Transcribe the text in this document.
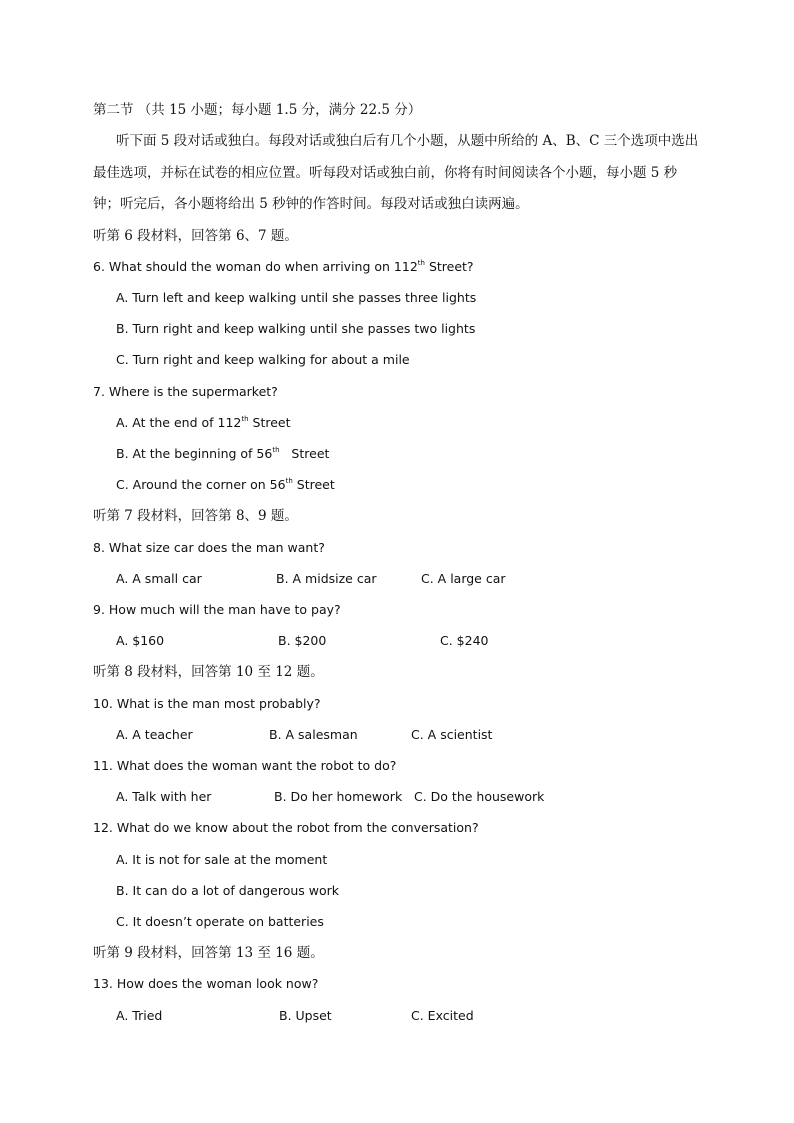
第二节 （共 15 小题；每小题 1.5 分，满分 22.5 分）
听下面 5 段对话或独白。每段对话或独白后有几个小题，从题中所给的 A、B、C 三个选项中选出
最佳选项，并标在试卷的相应位置。听每段对话或独白前，你将有时间阅读各个小题，每小题 5 秒
钟；听完后，各小题将给出 5 秒钟的作答时间。每段对话或独白读两遍。
听第 6 段材料，回答第 6、7 题。
6. What should the woman do when arriving on 112th Street?
A. Turn left and keep walking until she passes three lights
B. Turn right and keep walking until she passes two lights
C. Turn right and keep walking for about a mile
7. Where is the supermarket?
A. At the end of 112th Street
B. At the beginning of 56th   Street
C. Around the corner on 56th Street
听第 7 段材料，回答第 8、9 题。
8. What size car does the man want?
A. A small car	B. A midsize car	C. A large car
9. How much will the man have to pay?
A. $160	B. $200	C. $240
听第 8 段材料，回答第 10 至 12 题。
10. What is the man most probably?
A. A teacher	B. A salesman	C. A scientist
11. What does the woman want the robot to do?
A. Talk with her	B. Do her homework C. Do the housework
12. What do we know about the robot from the conversation?
A. It is not for sale at the moment
B. It can do a lot of dangerous work
C. It doesn’t operate on batteries
听第 9 段材料，回答第 13 至 16 题。
13. How does the woman look now?
A. Tried	B. Upset	C. Excited
